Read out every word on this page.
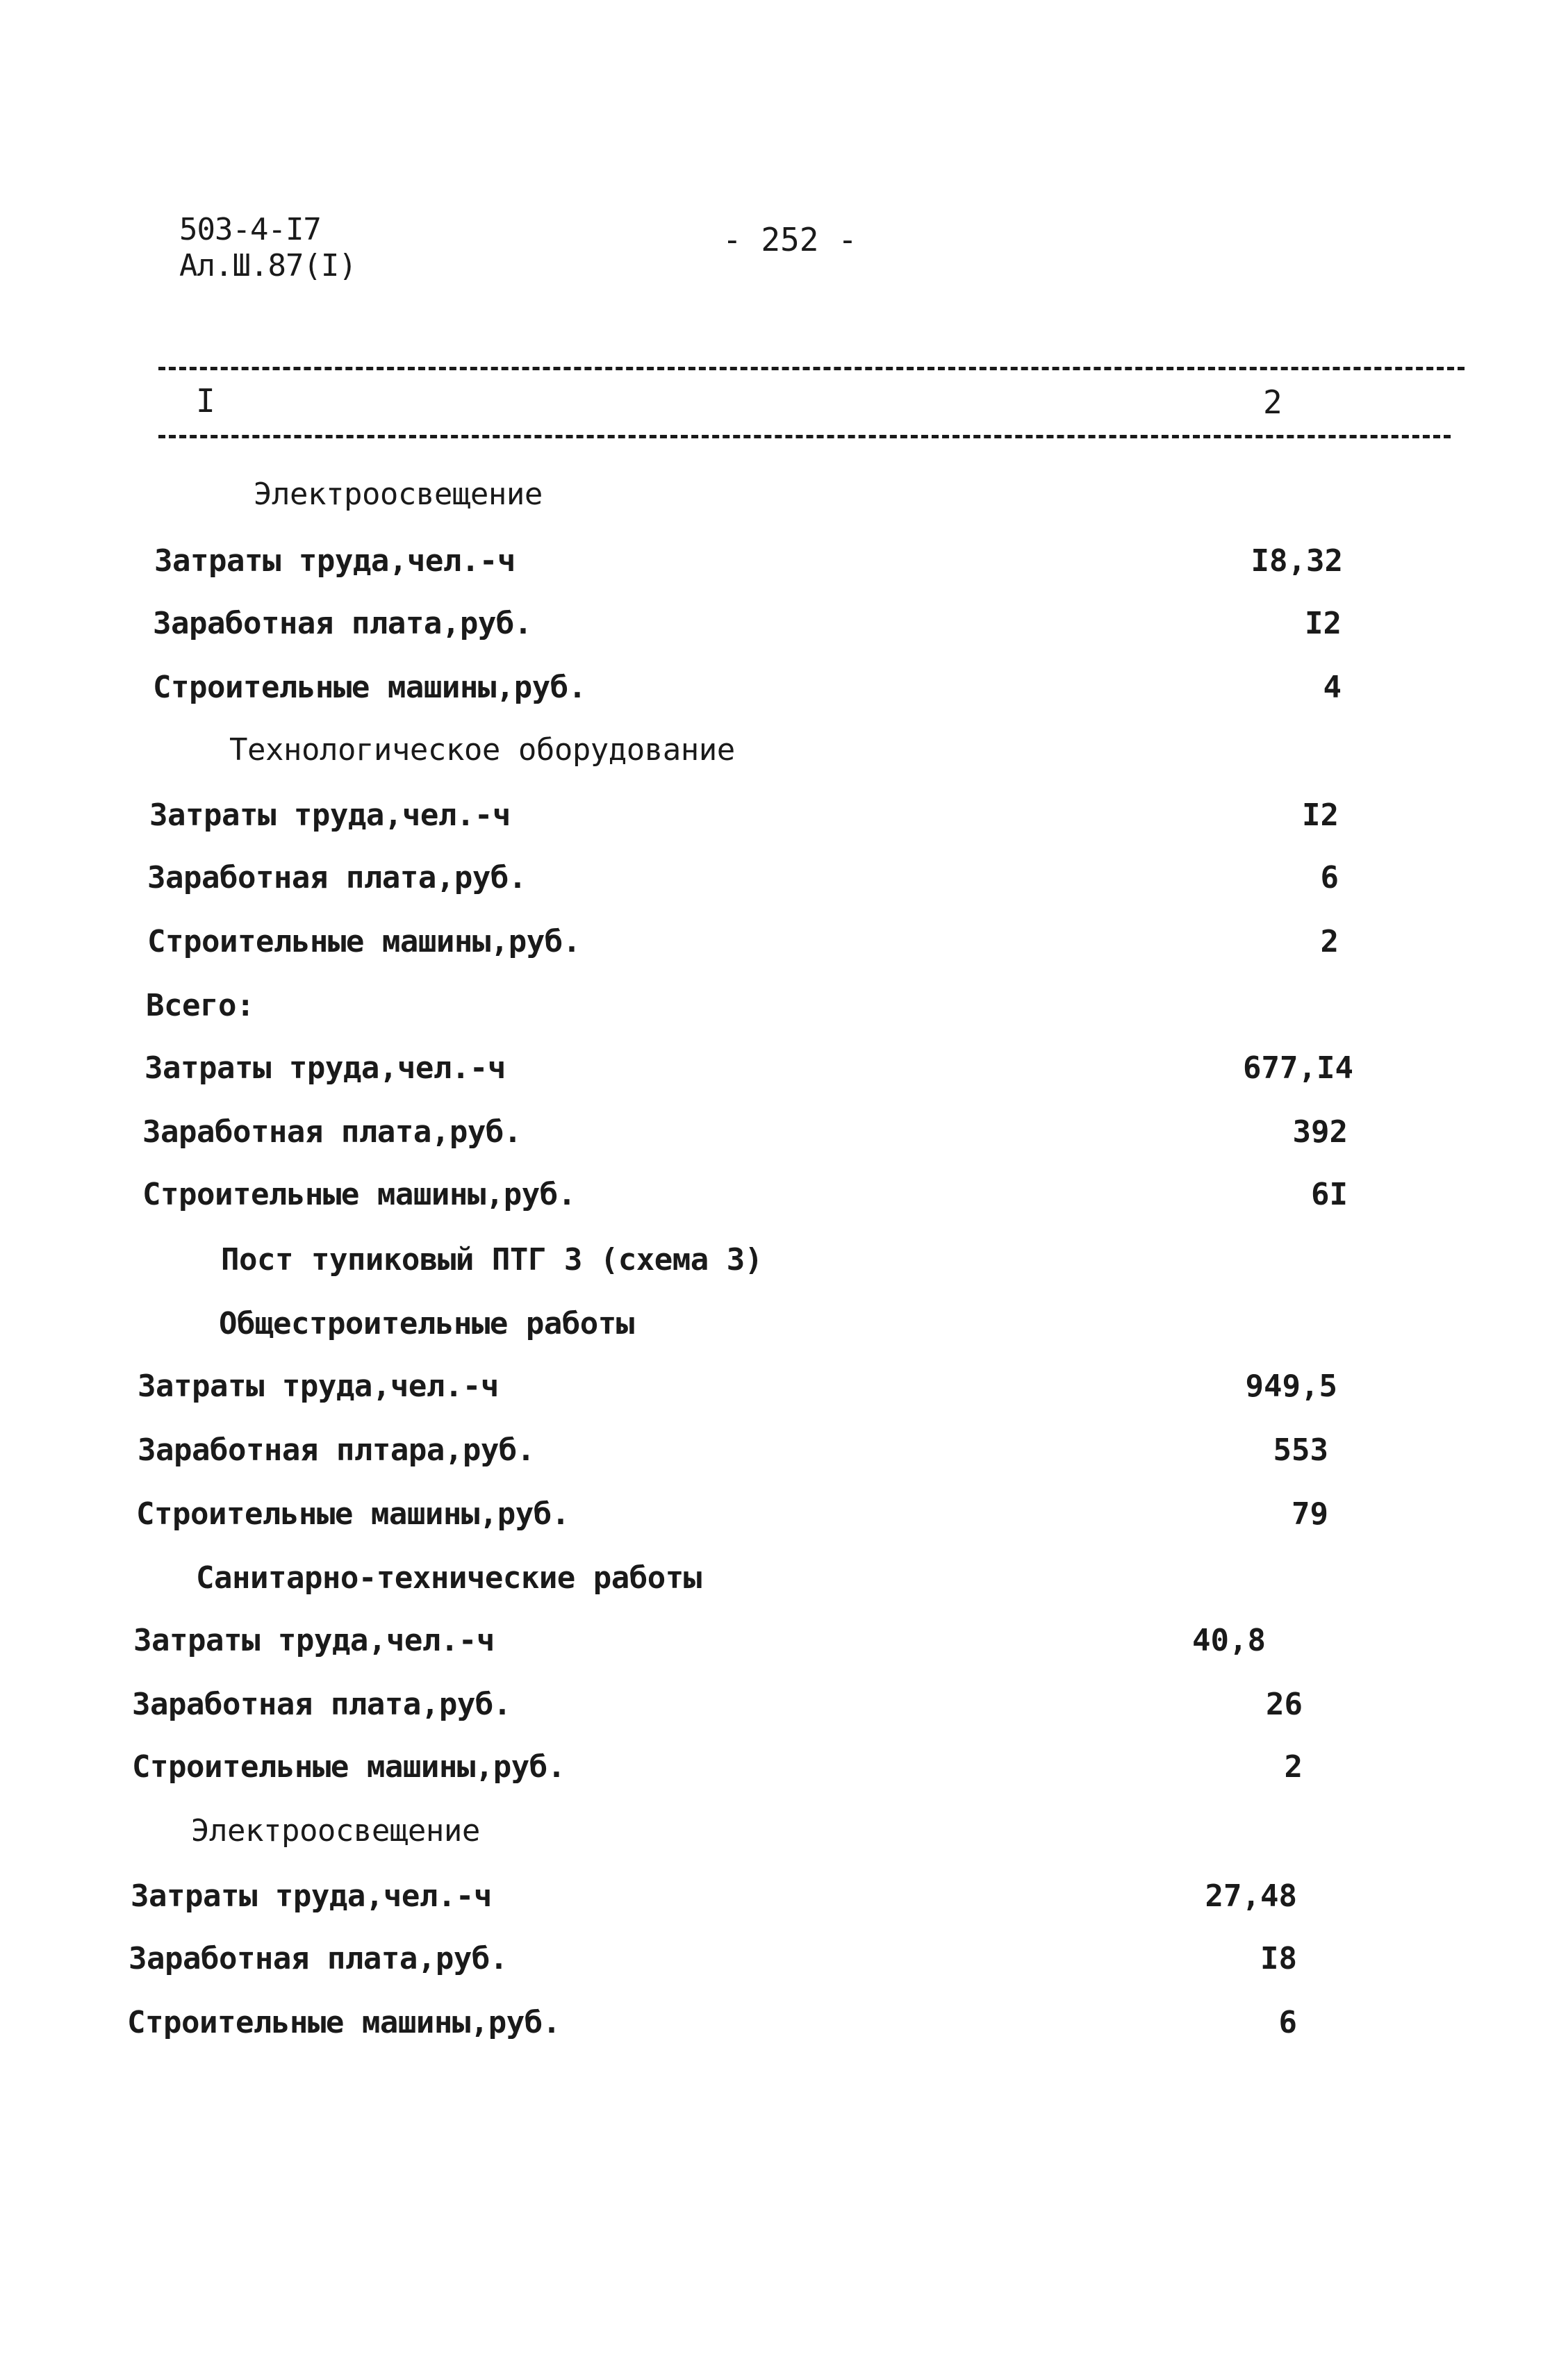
503-4-I7
Ал.Ш.87(I)
- 252 -
I	2
Электроосвещение
Затраты труда,чел.-ч	I8,32
Заработная плата,руб.	I2
Строительные машины,руб.	4
Технологическое оборудование
Затраты труда,чел.-ч	I2
Заработная плата,руб.	6
Строительные машины,руб.	2
Всего:
Затраты труда,чел.-ч	677,I4
Заработная плата,руб.	392
Строительные машины,руб.	6I
Пост тупиковый ПТГ 3 (схема 3)
Общестроительные работы
Затраты труда,чел.-ч	949,5
Заработная плтара,руб.	553
Строительные машины,руб.	79
Санитарно-технические работы
Затраты труда,чел.-ч	40,8
Заработная плата,руб.	26
Строительные машины,руб.	2
Электроосвещение
Затраты труда,чел.-ч	27,48
Заработная плата,руб.	I8
Строительные машины,руб.	6
